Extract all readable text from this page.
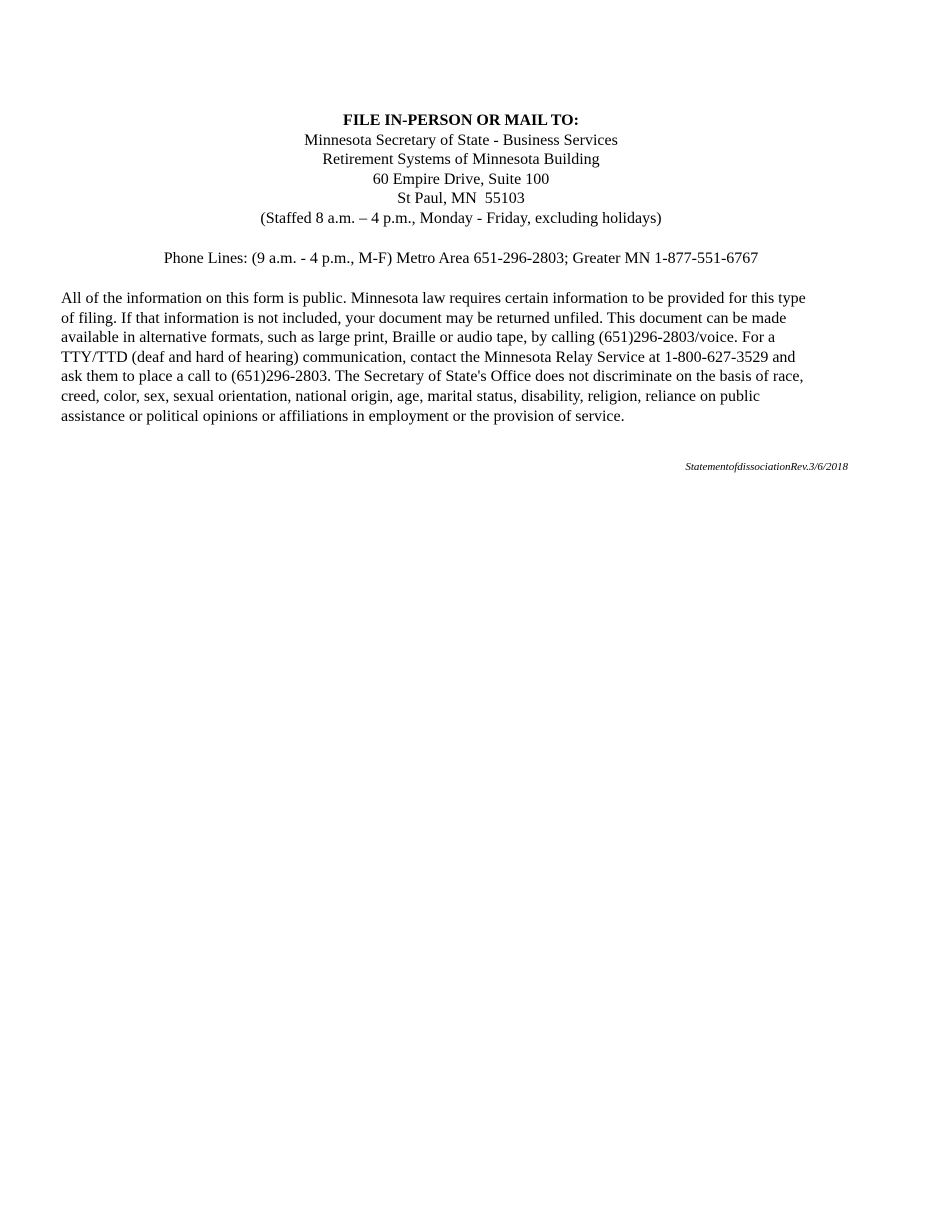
FILE IN-PERSON OR MAIL TO:
Minnesota Secretary of State - Business Services
Retirement Systems of Minnesota Building
60 Empire Drive, Suite 100
St Paul, MN  55103
(Staffed 8 a.m. – 4 p.m., Monday - Friday, excluding holidays)
Phone Lines: (9 a.m. - 4 p.m., M-F) Metro Area 651-296-2803; Greater MN 1-877-551-6767
All of the information on this form is public. Minnesota law requires certain information to be provided for this type
of filing. If that information is not included, your document may be returned unfiled. This document can be made
available in alternative formats, such as large print, Braille or audio tape, by calling (651)296-2803/voice. For a
TTY/TTD (deaf and hard of hearing) communication, contact the Minnesota Relay Service at 1-800-627-3529 and
ask them to place a call to (651)296-2803. The Secretary of State's Office does not discriminate on the basis of race,
creed, color, sex, sexual orientation, national origin, age, marital status, disability, religion, reliance on public
assistance or political opinions or affiliations in employment or the provision of service.
StatementofdissociationRev.3/6/2018
